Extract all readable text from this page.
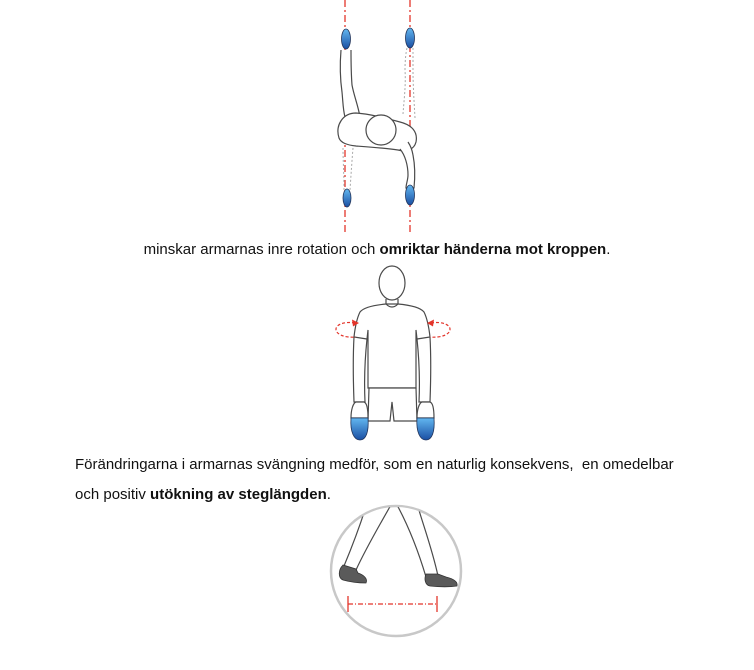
minskar armarnas inre rotation och omriktar händerna mot kroppen.
Förändringarna i armarnas svängning medför, som en naturlig konsekvens,  en omedelbar
och positiv utökning av steglängden.
